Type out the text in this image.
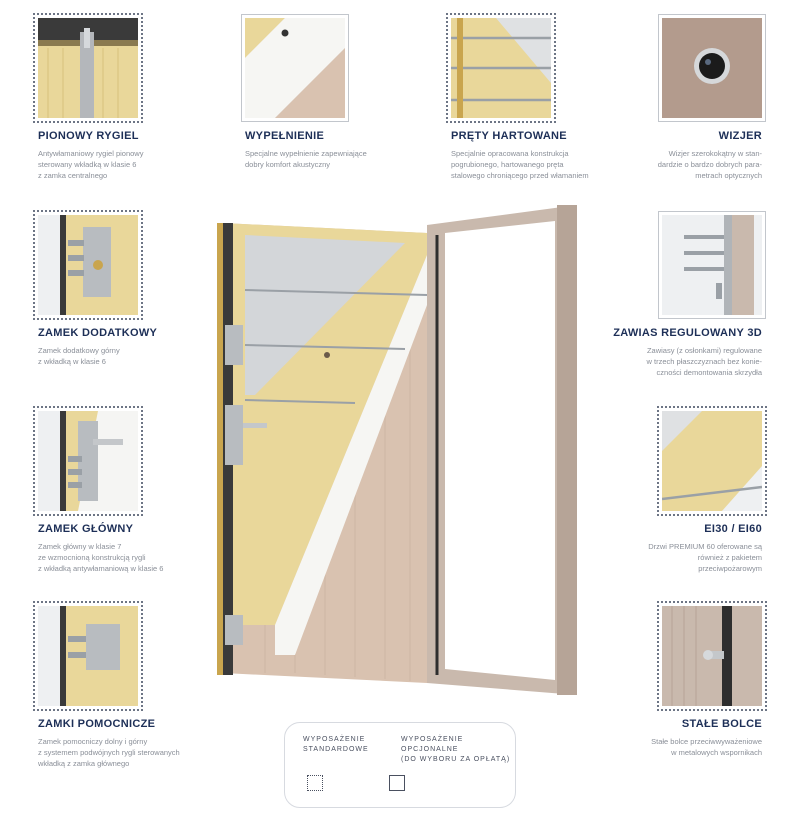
PIONOWY RYGIEL
Antywłamaniowy rygiel pionowy
sterowany wkładką w klasie 6
z zamka centralnego
WYPEŁNIENIE
Specjalne wypełnienie zapewniające
dobry komfort akustyczny
PRĘTY HARTOWANE
Specjalnie opracowana konstrukcja
pogrubionego, hartowanego pręta
stalowego chroniącego przed włamaniem
WIZJER
Wizjer szerokokątny w stan-
dardzie o bardzo dobrych para-
metrach optycznych
ZAMEK DODATKOWY
Zamek dodatkowy górny
z wkładką w klasie 6
ZAWIAS REGULOWANY 3D
Zawiasy (z osłonkami) regulowane
w trzech płaszczyznach bez konie-
czności demontowania skrzydła
ZAMEK GŁÓWNY
Zamek główny w klasie 7
ze wzmocnioną konstrukcją rygli
z wkładką antywłamaniową w klasie 6
EI30 / EI60
Drzwi PREMIUM 60 oferowane są
również z pakietem
przeciwpożarowym
ZAMKI POMOCNICZE
Zamek pomocniczy dolny i górny
z systemem podwójnych rygli sterowanych
wkładką z zamka głównego
STAŁE BOLCE
Stałe bolce przeciwwyważeniowe
w metalowych wspornikach
WYPOSAŻENIE
STANDARDOWE
WYPOSAŻENIE
OPCJONALNE
(DO WYBORU ZA OPŁATĄ)
